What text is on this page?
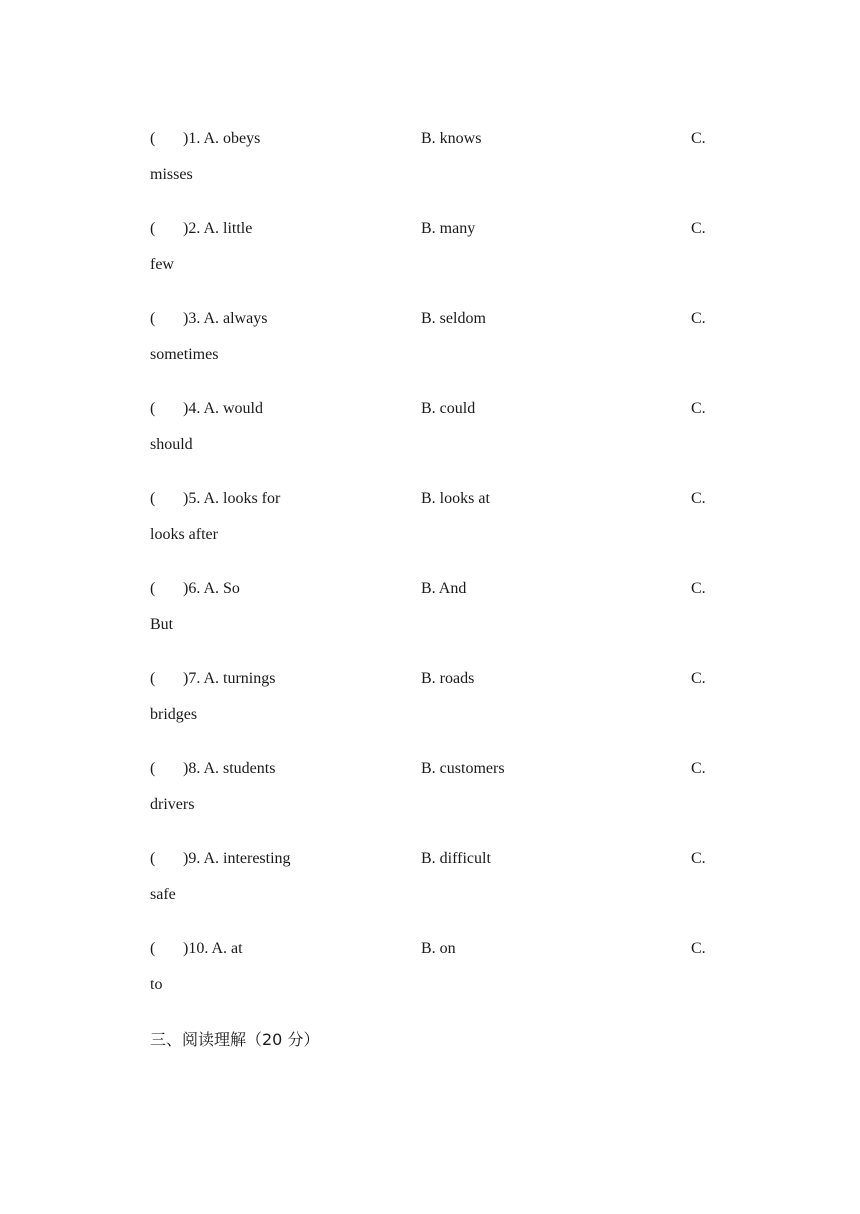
(	)1. A. obeys	B. knows	C.
misses
(	)2. A. little	B. many	C.
few
(	)3. A. always	B. seldom	C.
sometimes
(	)4. A. would	B. could	C.
should
(	)5. A. looks for	B. looks at	C.
looks after
(	)6. A. So	B. And	C.
But
(	)7. A. turnings	B. roads	C.
bridges
(	)8. A. students	B. customers	C.
drivers
(	)9. A. interesting	B. difficult	C.
safe
(	)10. A. at	B. on	C.
to
三、阅读理解（20 分）
